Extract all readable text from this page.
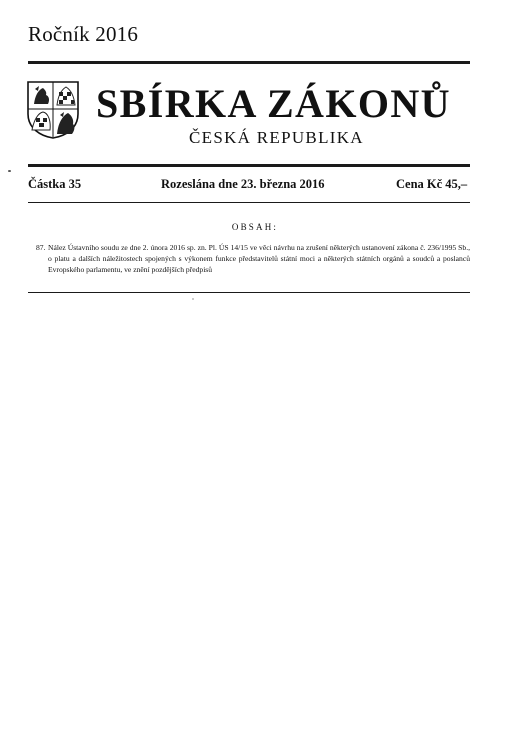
Ročník 2016
SBÍRKA ZÁKONŮ
ČESKÁ REPUBLIKA
Částka 35	Rozeslána dne 23. března 2016	Cena Kč 45,–
OBSAH:
87. Nález Ústavního soudu ze dne 2. února 2016 sp. zn. Pl. ÚS 14/15 ve věci návrhu na zrušení některých ustanovení zákona č. 236/1995 Sb., o platu a dalších náležitostech spojených s výkonem funkce představitelů státní moci a některých státních orgánů a soudců a poslanců Evropského parlamentu, ve znění pozdějších předpisů
